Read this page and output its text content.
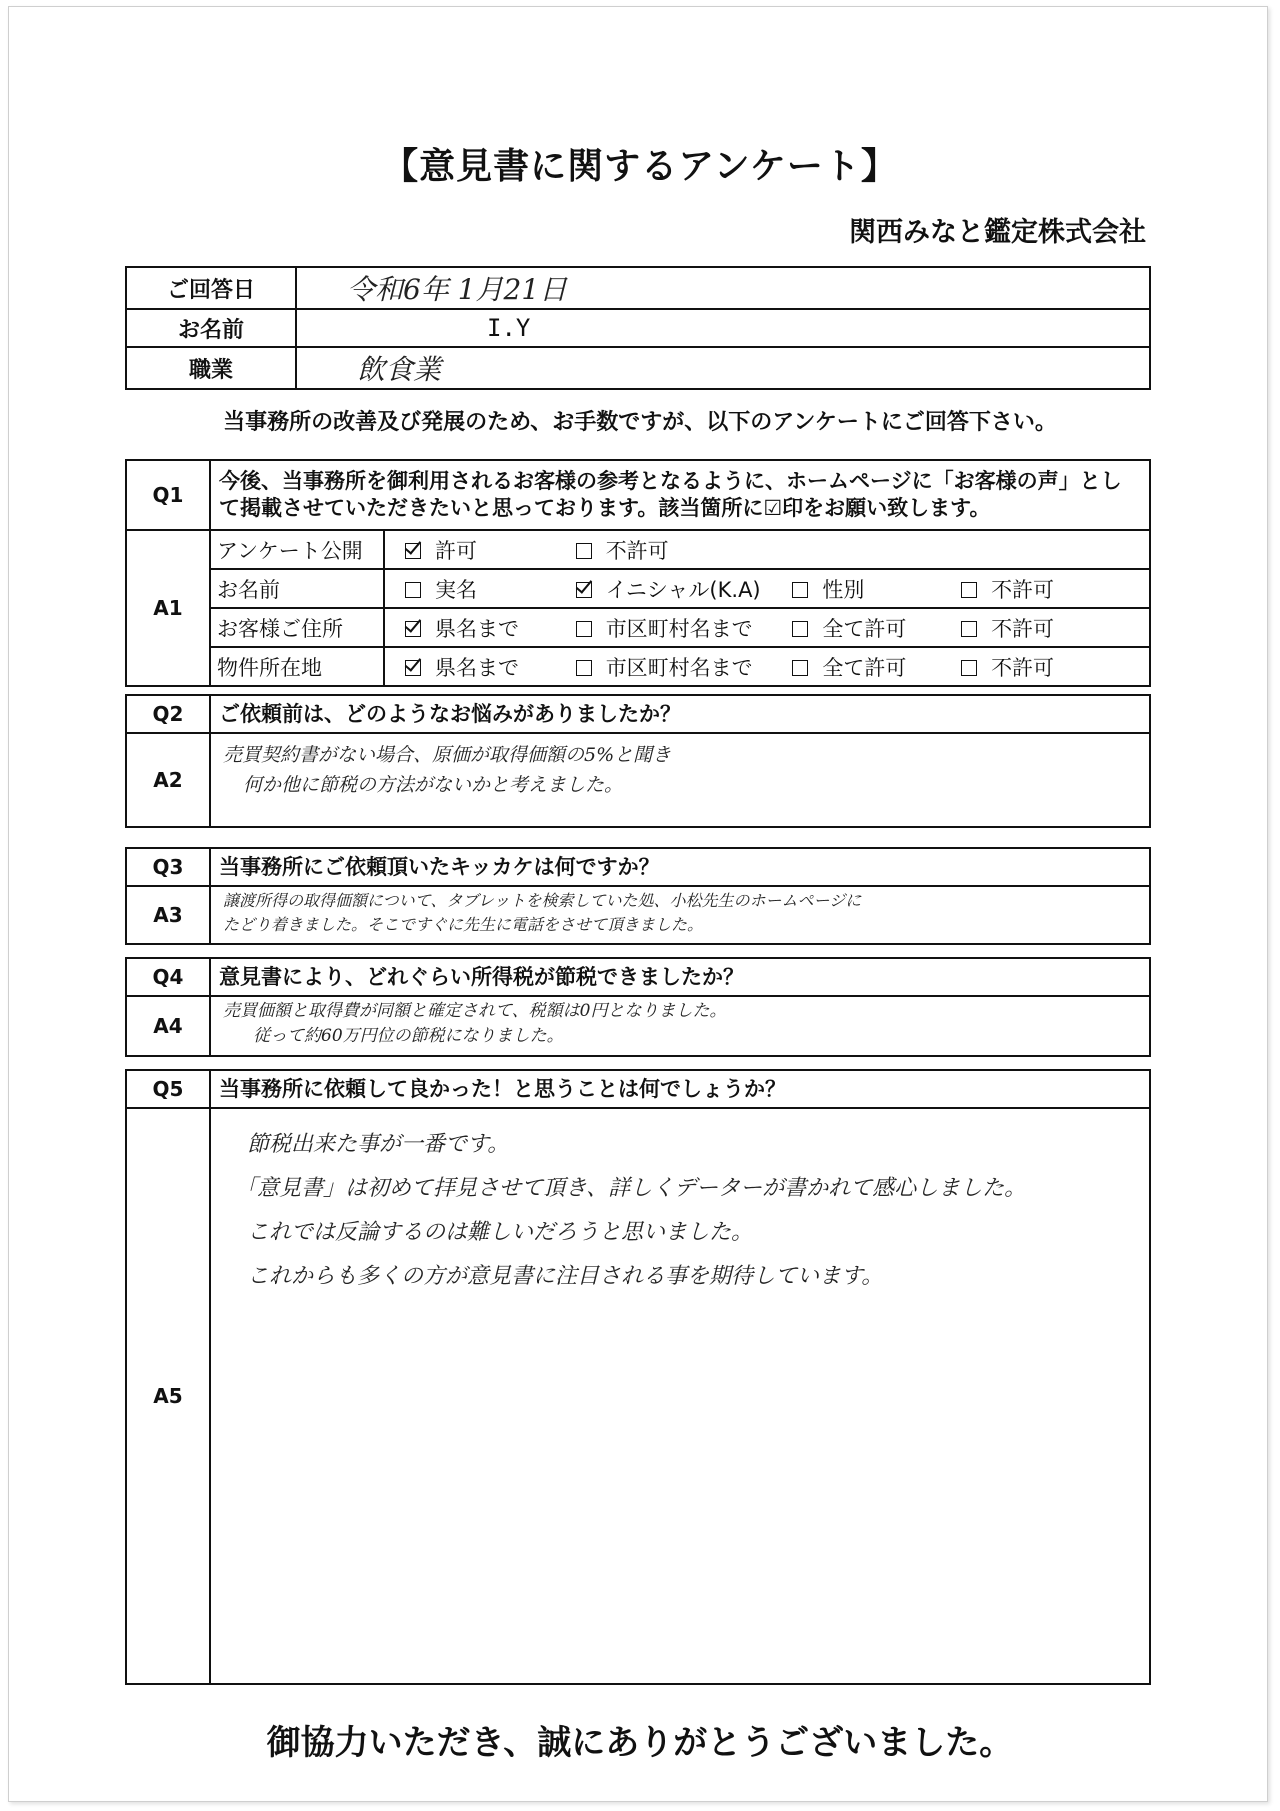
【意見書に関するアンケート】
関西みなと鑑定株式会社
ご回答日	令和6年 1月21日
お名前	I.Y
職業	飲食業
当事務所の改善及び発展のため、お手数ですが、以下のアンケートにご回答下さい。
Q1	今後、当事務所を御利用されるお客様の参考となるように、ホームページに「お客様の声」として掲載させていただきたいと思っております。該当箇所に☑印をお願い致します。	
A1	アンケート公開	許可 不許可
	お名前	実名 イニシャル(K.A) 性別 不許可
	お客様ご住所	県名まで 市区町村名まで 全て許可 不許可
	物件所在地	県名まで 市区町村名まで 全て許可 不許可
Q2	ご依頼前は、どのようなお悩みがありましたか？
A2	売買契約書がない場合、原価が取得価額の5%と聞き
何か他に節税の方法がないかと考えました。
Q3	当事務所にご依頼頂いたキッカケは何ですか？
A3	譲渡所得の取得価額について、タブレットを検索していた処、小松先生のホームページに
たどり着きました。そこですぐに先生に電話をさせて頂きました。
Q4	意見書により、どれぐらい所得税が節税できましたか？
A4	売買価額と取得費が同額と確定されて、税額は0円となりました。
従って約60万円位の節税になりました。
Q5	当事務所に依頼して良かった！と思うことは何でしょうか？
A5	節税出来た事が一番です。
「意見書」は初めて拝見させて頂き、詳しくデーターが書かれて感心しました。
これでは反論するのは難しいだろうと思いました。
これからも多くの方が意見書に注目される事を期待しています。
御協力いただき、誠にありがとうございました。
